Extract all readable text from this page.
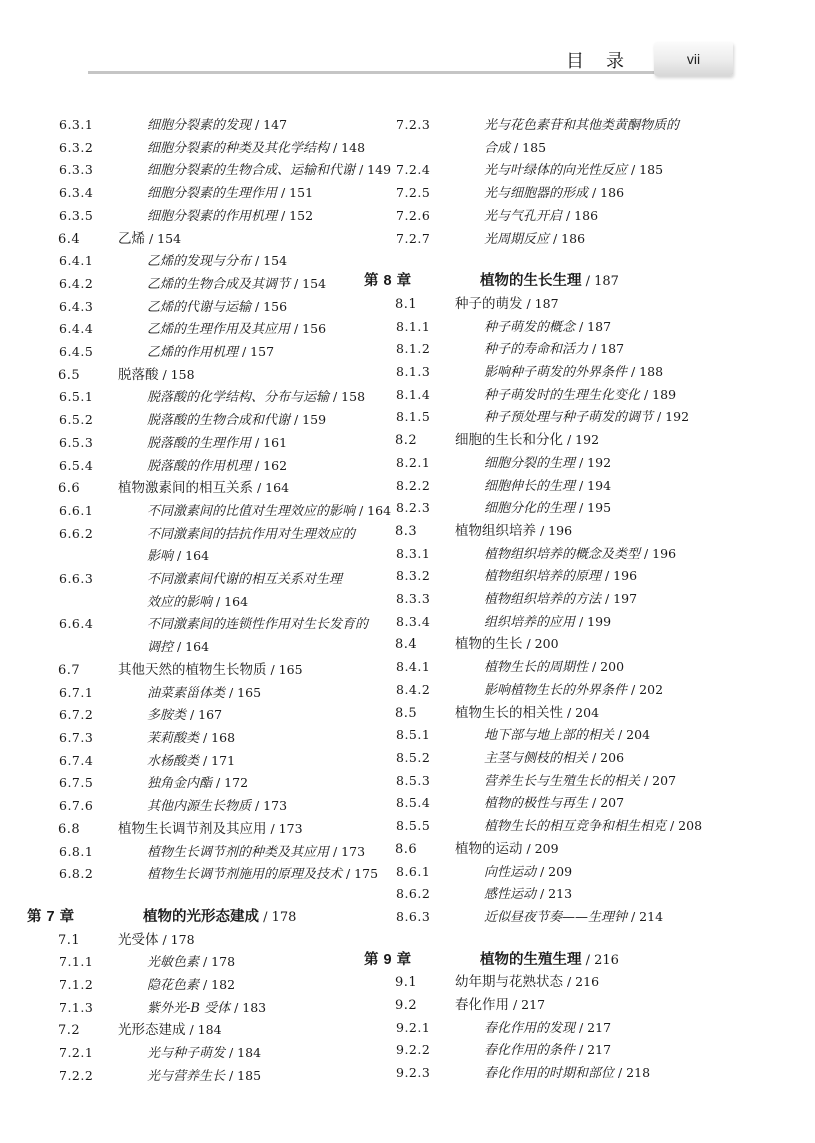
目　录	vii
6.3.1	细胞分裂素的发现 / 147
6.3.2	细胞分裂素的种类及其化学结构 / 148
6.3.3	细胞分裂素的生物合成、运输和代谢 / 149
6.3.4	细胞分裂素的生理作用 / 151
6.3.5	细胞分裂素的作用机理 / 152
6.4	乙烯 / 154
6.4.1	乙烯的发现与分布 / 154
6.4.2	乙烯的生物合成及其调节 / 154
6.4.3	乙烯的代谢与运输 / 156
6.4.4	乙烯的生理作用及其应用 / 156
6.4.5	乙烯的作用机理 / 157
6.5	脱落酸 / 158
6.5.1	脱落酸的化学结构、分布与运输 / 158
6.5.2	脱落酸的生物合成和代谢 / 159
6.5.3	脱落酸的生理作用 / 161
6.5.4	脱落酸的作用机理 / 162
6.6	植物激素间的相互关系 / 164
6.6.1	不同激素间的比值对生理效应的影响 / 164
6.6.2	不同激素间的拮抗作用对生理效应的
影响 / 164
6.6.3	不同激素间代谢的相互关系对生理
效应的影响 / 164
6.6.4	不同激素间的连锁性作用对生长发育的
调控 / 164
6.7	其他天然的植物生长物质 / 165
6.7.1	油菜素甾体类 / 165
6.7.2	多胺类 / 167
6.7.3	茉莉酸类 / 168
6.7.4	水杨酸类 / 171
6.7.5	独角金内酯 / 172
6.7.6	其他内源生长物质 / 173
6.8	植物生长调节剂及其应用 / 173
6.8.1	植物生长调节剂的种类及其应用 / 173
6.8.2	植物生长调节剂施用的原理及技术 / 175
第 7 章	植物的光形态建成 / 178
7.1	光受体 / 178
7.1.1	光敏色素 / 178
7.1.2	隐花色素 / 182
7.1.3	紫外光-B 受体 / 183
7.2	光形态建成 / 184
7.2.1	光与种子萌发 / 184
7.2.2	光与营养生长 / 185
7.2.3	光与花色素苷和其他类黄酮物质的
合成 / 185
7.2.4	光与叶绿体的向光性反应 / 185
7.2.5	光与细胞器的形成 / 186
7.2.6	光与气孔开启 / 186
7.2.7	光周期反应 / 186
第 8 章	植物的生长生理 / 187
8.1	种子的萌发 / 187
8.1.1	种子萌发的概念 / 187
8.1.2	种子的寿命和活力 / 187
8.1.3	影响种子萌发的外界条件 / 188
8.1.4	种子萌发时的生理生化变化 / 189
8.1.5	种子预处理与种子萌发的调节 / 192
8.2	细胞的生长和分化 / 192
8.2.1	细胞分裂的生理 / 192
8.2.2	细胞伸长的生理 / 194
8.2.3	细胞分化的生理 / 195
8.3	植物组织培养 / 196
8.3.1	植物组织培养的概念及类型 / 196
8.3.2	植物组织培养的原理 / 196
8.3.3	植物组织培养的方法 / 197
8.3.4	组织培养的应用 / 199
8.4	植物的生长 / 200
8.4.1	植物生长的周期性 / 200
8.4.2	影响植物生长的外界条件 / 202
8.5	植物生长的相关性 / 204
8.5.1	地下部与地上部的相关 / 204
8.5.2	主茎与侧枝的相关 / 206
8.5.3	营养生长与生殖生长的相关 / 207
8.5.4	植物的极性与再生 / 207
8.5.5	植物生长的相互竞争和相生相克 / 208
8.6	植物的运动 / 209
8.6.1	向性运动 / 209
8.6.2	感性运动 / 213
8.6.3	近似昼夜节奏——生理钟 / 214
第 9 章	植物的生殖生理 / 216
9.1	幼年期与花熟状态 / 216
9.2	春化作用 / 217
9.2.1	春化作用的发现 / 217
9.2.2	春化作用的条件 / 217
9.2.3	春化作用的时期和部位 / 218
